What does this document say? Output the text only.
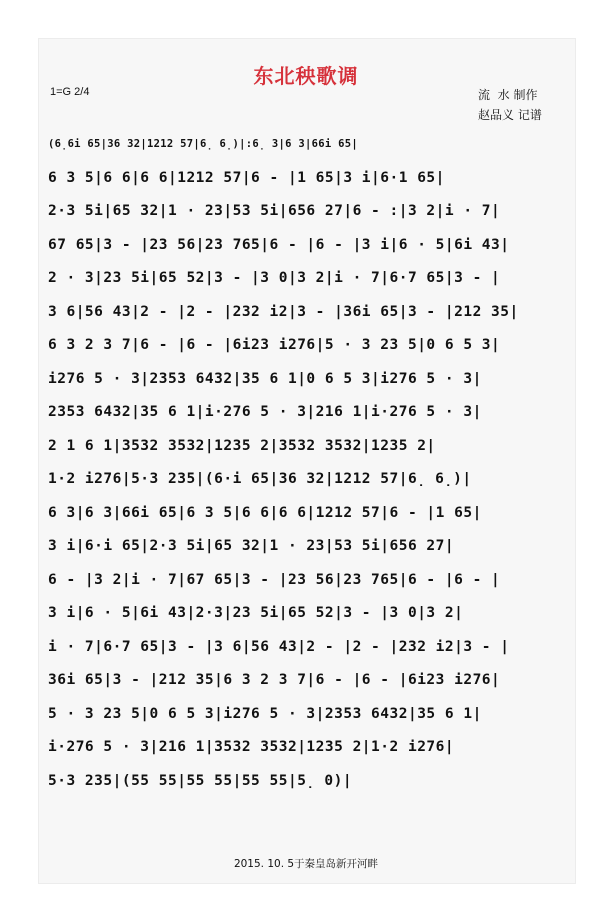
东北秧歌调
1=G 2/4	流  水 制作
赵品义 记谱
(6̣6i 65|36 32|1212 57|6̣ 6̣)|:6̣ 3|6 3|66i 65|
6 3 5|6 6|6 6|1212 57|6 - |1 65|3 i|6·1 65|
2·3 5i|65 32|1 · 23|53 5i|656 27|6 - :|3 2|i · 7|
67 65|3 - |23 56|23 765|6 - |6 - |3 i|6 · 5|6i 43|
2 · 3|23 5i|65 52|3 - |3 0|3 2|i · 7|6·7 65|3 - |
3 6|56 43|2 - |2 - |232 i2|3 - |36i 65|3 - |212 35|
6 3 2 3 7|6 - |6 - |6i23 i276|5 · 3 23 5|0 6 5 3|
i276 5 · 3|2353 6432|35 6 1|0 6 5 3|i276 5 · 3|
2353 6432|35 6 1|i·276 5 · 3|216 1|i·276 5 · 3|
2 1 6 1|3532 3532|1235 2|3532 3532|1235 2|
1·2 i276|5·3 235|(6·i 65|36 32|1212 57|6̣ 6̣)|
6 3|6 3|66i 65|6 3 5|6 6|6 6|1212 57|6 - |1 65|
3 i|6·i 65|2·3 5i|65 32|1 · 23|53 5i|656 27|
6 - |3 2|i · 7|67 65|3 - |23 56|23 765|6 - |6 - |
3 i|6 · 5|6i 43|2·3|23 5i|65 52|3 - |3 0|3 2|
i · 7|6·7 65|3 - |3 6|56 43|2 - |2 - |232 i2|3 - |
36i 65|3 - |212 35|6 3 2 3 7|6 - |6 - |6i23 i276|
5 · 3 23 5|0 6 5 3|i276 5 · 3|2353 6432|35 6 1|
i·276 5 · 3|216 1|3532 3532|1235 2|1·2 i276|
5·3 235|(55 55|55 55|55 55|5̣ 0)|
2015. 10. 5于秦皇岛新开河畔
